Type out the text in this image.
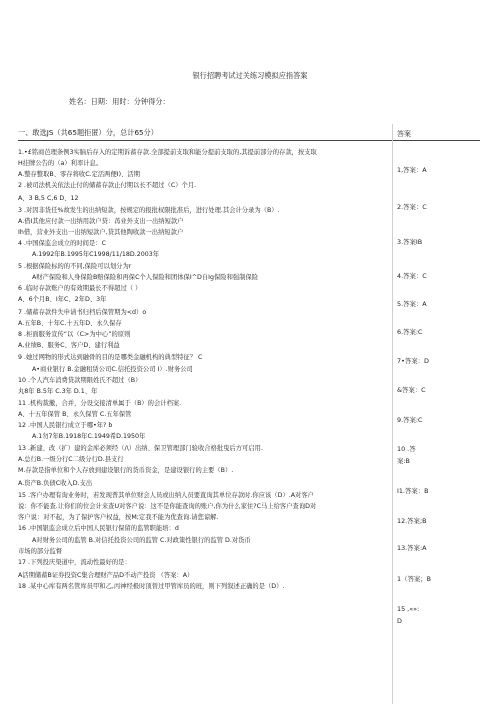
银行招聘考试过关练习模拟应指答案
姓名：日期：用时：分钟得分：
一、敢选JS（共65题拒匿）分，总计65分）	答案
1.•£铭商芭理条例3实脑后存入的定期诉蓄存款.全部提前支取和能分提前支取的,其提前部分的存款，按支取
H挂牌公告的（a）利率计息。
A.整存整取B、零存将收C.定活两便I)、活期
2 .被司法机关依法止付的储蓄存款止付期以长不超过（C）个月.
A、3 B,5 C,6 D、12
3 .对因非货任%故发生的出纳短款，按规定的报批权限批准后，进行处理.其会计分录为（B）.
A.借I其他应付款一出纳用款户贷：苒业外支出一出纳短款户
Ih借，营业外支出一出纳短款户,贷其他陶收款一出纳短款户
4 .中国保监会成立的时间是：C
A.1992年B.1995年C1998/11/18D.2003年
5 .根据保险标的的不同,保险可以划分为r
A财产保险和人身保险B赔保险和再保C个人保险和团体保I^D自Ig保险和强制保险
6 .临时存款账户的有效期最长不得超过（ ）
A、6个月B、I年C、2年D、3年
7 .储蓄存款件失申请书归档后保管期为<d）o
A.五年B、十年C.十五年D、永久保存
8 .柜面服务宣传“以（C>为中心”的原则
A,业绩B、服务C、客户D、建行利益
9 .她过网物的形式达到融骨的目的是哪类金融机构的典型特征？ C
A•商业银行 B.金融租赁公司C.信托投资公司 I）.财务公司
10 .个人汽车消费贷款期限姓氏不超过（B）
丸8年 B.5年 C.3年 D.1、年
11 .机构裁撤，合并，分设交接清单属于（B）的会计档案.
A、十五年保管 B、永久保管 C.五年保管
12 .中国人民银行成立于哪•年? b
A.1勿7年B.1918年C.1949希D.1950年
13 .新建、改（扩）建的金库必须经（/\）出纳、保卫管理部门验收合格批曳后方可启用.
A.总行B.一级分行C二级分行D.县支行
M.存款是指单位和个人存放到建设银行的货币资金，是建设银行的主要（B）.
A.资产B.负债C收入D.支出
15 .客户办理有询业务时，若发现普其单位财会人员或出纳人员要直询其单位存款时.你应该（D）.A对客户
说：你不能查.让你们的位会计来查U对客户说：这不是你能查询的账户,你为什么家住?C马上给客户查询D对
客户说：对不起，为了保护客户权益，按M;定我不能为优查询.请您谅解.
16 .中国银监会成立后中国人民银行保留的监管职能培：d
A对财务公司的监管 B.对信托投资公司的监管 C.对政策性银行的监管 D.对货币
市场的部分监督
17 .下列投庆渠道中，流动性最好的是：
A活期储蓄B证券投资C集合理财产品D不动产投资 （答案：A）
18 .某中心库有两名管库员甲和乙,丙神经极时顶替过甲管库员的班，则下列叙述正确的是（D）.
1,答案：A
2.答案：C
3.答案IB
4.答案：C
5.答案：A
6.答案:C
7•答案：D
&答案：C
9.答案:C
10 .答
案:B
I1.答案：B
12.答案;B
13.答案:A
1（答案；B
15 ,«»:
D
